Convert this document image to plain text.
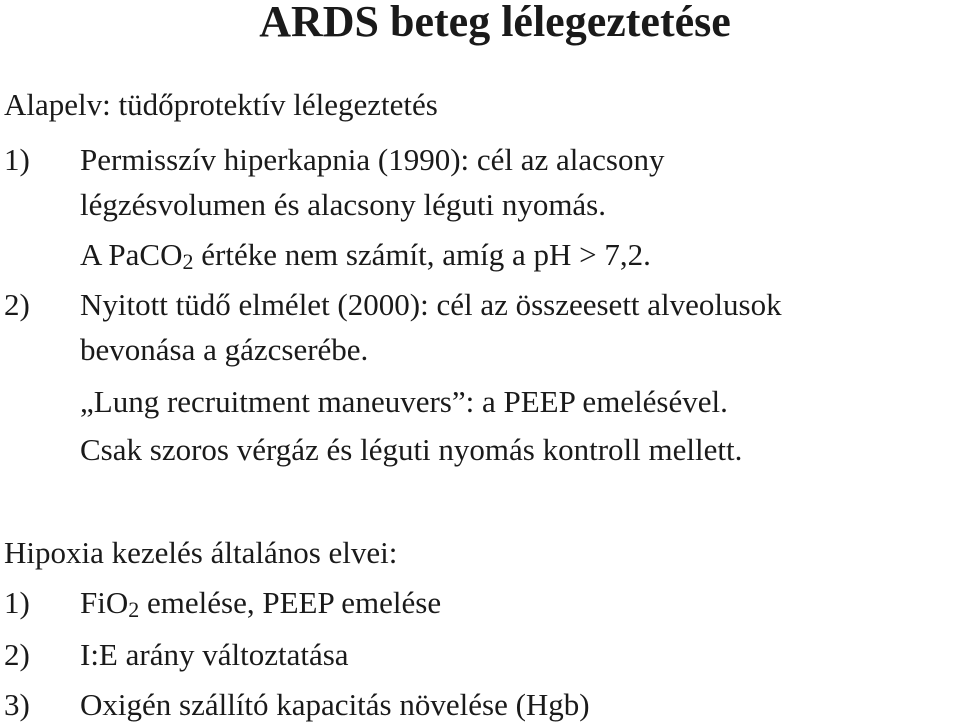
ARDS beteg lélegeztetése
Alapelv: tüdőprotektív lélegeztetés
1) Permisszív hiperkapnia (1990): cél az alacsony
légzésvolumen és alacsony léguti nyomás.
A PaCO$_2$ értéke nem számít, amíg a pH > 7,2.
2) Nyitott tüdő elmélet (2000): cél az összeesett alveolusok
bevonása a gázcserébe.
„Lung recruitment maneuvers”: a PEEP emelésével.
Csak szoros vérgáz és léguti nyomás kontroll mellett.
Hipoxia kezelés általános elvei:
1) FiO$_2$ emelése, PEEP emelése
2) I:E arány változtatása
3) Oxigén szállító kapacitás növelése (Hgb)
